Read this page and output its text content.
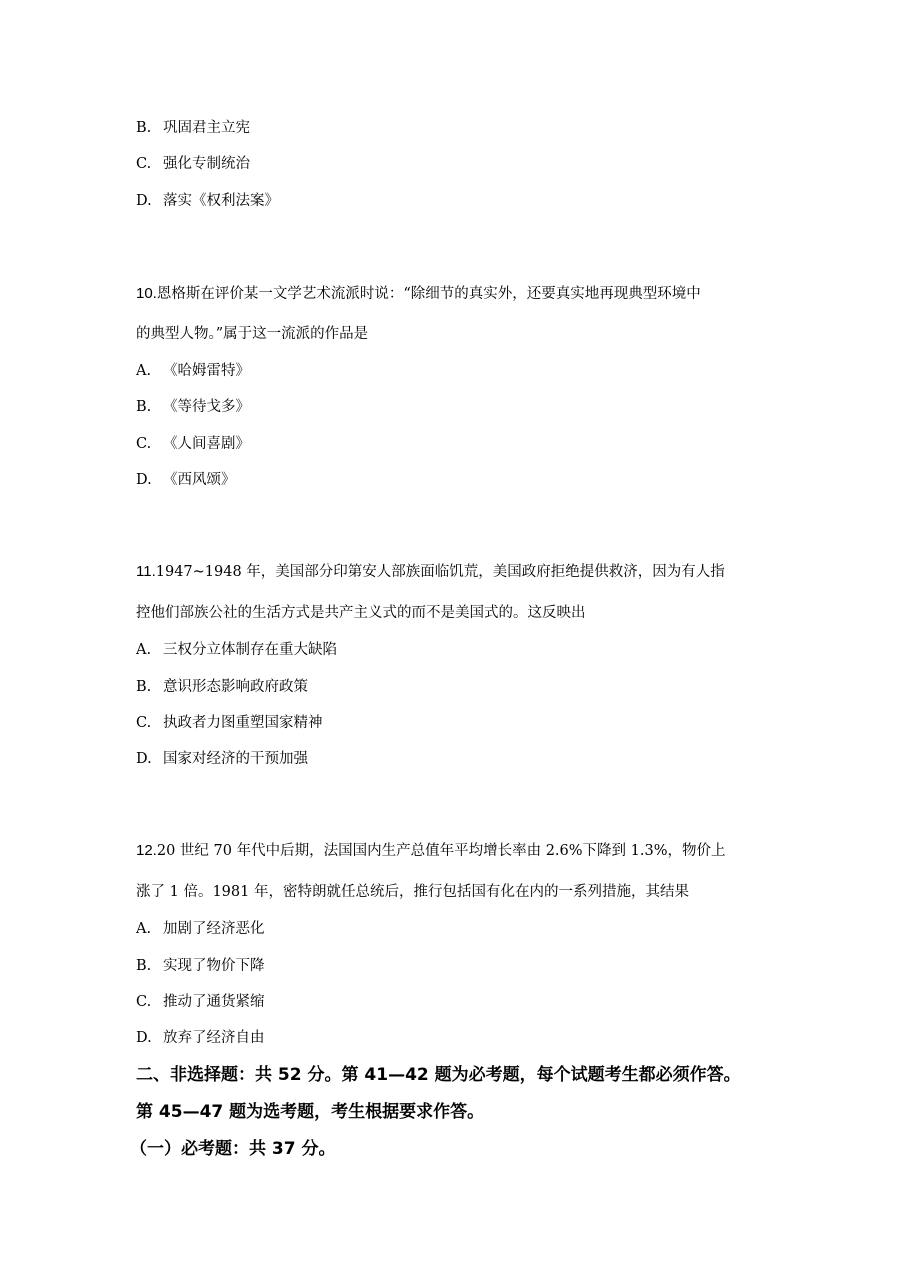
B. 巩固君主立宪
C. 强化专制统治
D. 落实《权利法案》
10.恩格斯在评价某一文学艺术流派时说：“除细节的真实外，还要真实地再现典型环境中
的典型人物。”属于这一流派的作品是
A. 《哈姆雷特》
B. 《等待戈多》
C. 《人间喜剧》
D. 《西风颂》
11.1947~1948 年，美国部分印第安人部族面临饥荒，美国政府拒绝提供救济，因为有人指
控他们部族公社的生活方式是共产主义式的而不是美国式的。这反映出
A. 三权分立体制存在重大缺陷
B. 意识形态影响政府政策
C. 执政者力图重塑国家精神
D. 国家对经济的干预加强
12.20 世纪 70 年代中后期，法国国内生产总值年平均增长率由 2.6%下降到 1.3%，物价上
涨了 1 倍。1981 年，密特朗就任总统后，推行包括国有化在内的一系列措施，其结果
A. 加剧了经济恶化
B. 实现了物价下降
C. 推动了通货紧缩
D. 放弃了经济自由
二、非选择题：共 52 分。第 41—42 题为必考题，每个试题考生都必须作答。
第 45—47 题为选考题，考生根据要求作答。
（一）必考题：共 37 分。
